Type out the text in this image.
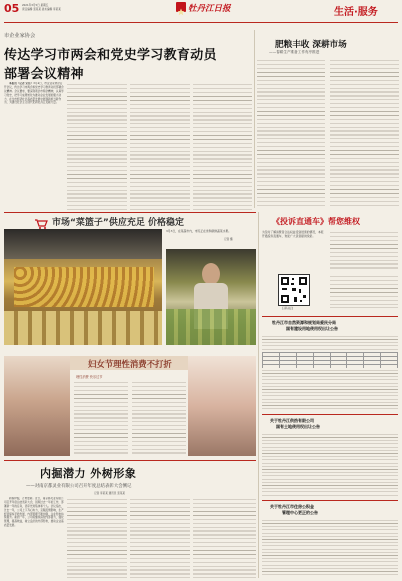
05 2021年3月5日 星期五
责任编辑 张某某 美术编辑 李某某	牡丹江日报	生活·服务
市企业家协会
传达学习市两会和党史学习教育动员
部署会议精神

本报讯（记者 宋佳）3月4日，市企业家协会召开会议，传达学习市两会和党史学习教育动员部署会议精神。会议要求，要深刻领会市两会精神，认真学习党史，把学习成果转化为推动企业发展的强大动力，在全市经济社会高质量发展中展现新担当新作为，为建设社会主义现代化新牡丹江贡献力量。

肥粮丰收 深耕市场
——春耕生产准备工作有序推进
市场“菜篮子”供应充足 价格稳定
3月3日，在某超市内，市民正在选购新鲜蔬菜水果。
记者 摄
妇女节理性消费不打折
理性消费 快乐过节
内掘潜力 外树形象
——对南京都灵业有限公司召开年度总结表彰大会侧记
记者 李某某 通讯员 张某某

新春伊始，万象更新。近日，南京都灵业有限公司召开年度总结表彰大会，回顾过去一年的工作，部署新一年的任务，表彰先进集体和个人。会议指出，过去一年，公司上下齐心协力，克服疫情影响，生产经营保持平稳发展，内部管理不断加强，企业形象持续提升。新的一年，公司将继续深挖内部潜力，强化管理，提高效益，树立良好的外部形象，推动企业高质量发展。

《投诉直通车》帮您维权
为及时了解消费者合法权益受到侵害的情况，本报开通投诉直通车，欢迎广大读者提供线索。
扫码关注
牡丹江市自然资源和规划局爱民分局
国有建设用地使用权出让公告

关于牡丹江供热有限公司
国有土地使用权出让公告
关于牡丹江市住房公积金
管理中心更正的公告
